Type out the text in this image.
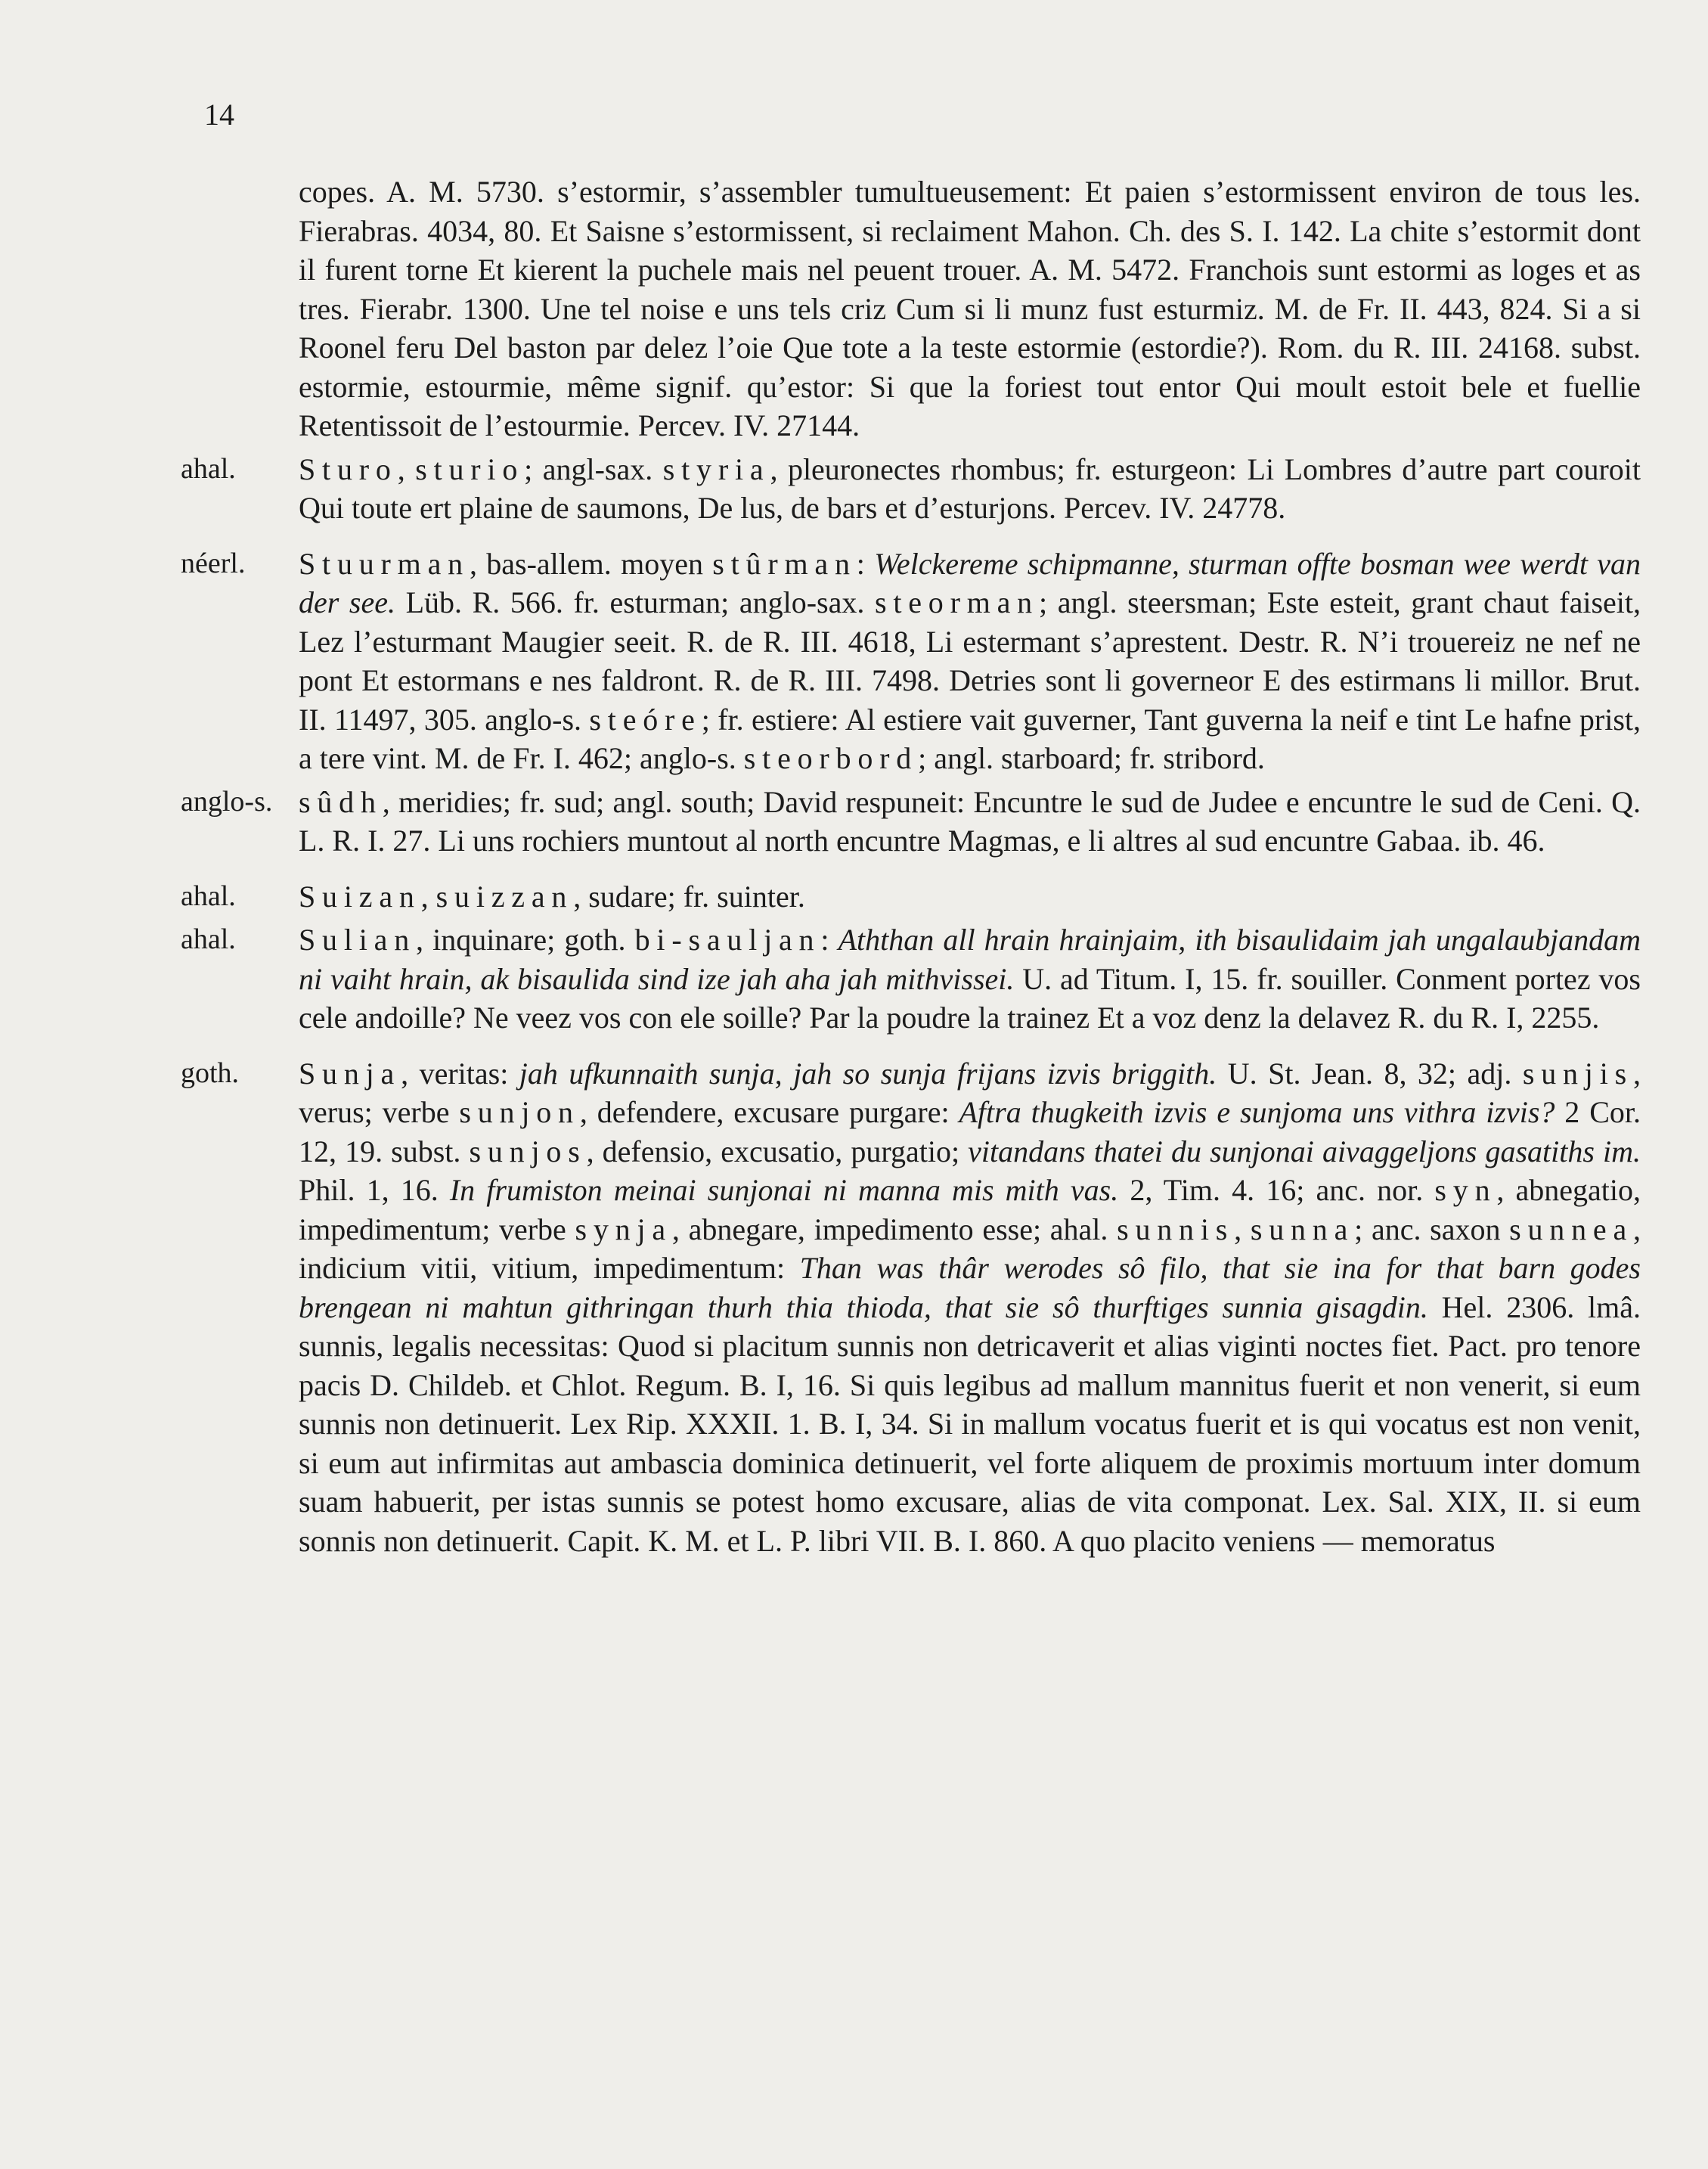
14
copes. A. M. 5730. s’estormir, s’assembler tumultueusement: Et paien s’estormissent environ de tous les. Fierabras. 4034, 80. Et Saisne s’estormissent, si reclaiment Mahon. Ch. des S. I. 142. La chite s’estormit dont il furent torne Et kierent la puchele mais nel peuent trouer. A. M. 5472. Franchois sunt estormi as loges et as tres. Fierabr. 1300. Une tel noise e uns tels criz Cum si li munz fust esturmiz. M. de Fr. II. 443, 824. Si a si Roonel feru Del baston par delez l’oie Que tote a la teste estormie (estordie?). Rom. du R. III. 24168. subst. estormie, estourmie, même signif. qu’estor: Si que la foriest tout entor Qui moult estoit bele et fuellie Retentissoit de l’estourmie. Percev. IV. 27144.
ahal.	Sturo, sturio; angl-sax. styria, pleuronectes rhombus; fr. esturgeon: Li Lombres d’autre part couroit Qui toute ert plaine de saumons, De lus, de bars et d’esturjons. Percev. IV. 24778.
néerl.	Stuurman, bas-allem. moyen stûrman: Welckereme schipmanne, sturman offte bosman wee werdt van der see. Lüb. R. 566. fr. esturman; anglo-sax. steorman; angl. steersman; Este esteit, grant chaut faiseit, Lez l’esturmant Maugier seeit. R. de R. III. 4618, Li estermant s’aprestent. Destr. R. N’i trouereiz ne nef ne pont Et estormans e nes faldront. R. de R. III. 7498. Detries sont li governeor E des estirmans li millor. Brut. II. 11497, 305. anglo-s. steóre; fr. estiere: Al estiere vait guverner, Tant guverna la neif e tint Le hafne prist, a tere vint. M. de Fr. I. 462; anglo-s. steorbord; angl. starboard; fr. stribord.
anglo-s. sûdh, meridies; fr. sud; angl. south; David respuneit: Encuntre le sud de Judee e encuntre le sud de Ceni. Q. L. R. I. 27. Li uns rochiers muntout al north encuntre Magmas, e li altres al sud encuntre Gabaa. ib. 46.
ahal.	Suizan, suizzan, sudare; fr. suinter.
ahal.	Sulian, inquinare; goth. bi-sauljan: Aththan all hrain hrainjaim, ith bisaulidaim jah ungalaubjandam ni vaiht hrain, ak bisaulida sind ize jah aha jah mithvissei. U. ad Titum. I, 15. fr. souiller. Conment portez vos cele andoille? Ne veez vos con ele soille? Par la poudre la trainez Et a voz denz la delavez R. du R. I, 2255.
goth.	Sunja, veritas: jah ufkunnaith sunja, jah so sunja frijans izvis briggith. U. St. Jean. 8, 32; adj. sunjis, verus; verbe sunjon, defendere, excusare purgare: Aftra thugkeith izvis e sunjoma uns vithra izvis? 2 Cor. 12, 19. subst. sunjos, defensio, excusatio, purgatio; vitandans thatei du sunjonai aivaggeljons gasatiths im. Phil. 1, 16. In frumiston meinai sunjonai ni manna mis mith vas. 2, Tim. 4. 16; anc. nor. syn, abnegatio, impedimentum; verbe synja, abnegare, impedimento esse; ahal. sunnis, sunna; anc. saxon sunnea, indicium vitii, vitium, impedimentum: Than was thâr werodes sô filo, that sie ina for that barn godes brengean ni mahtun githringan thurh thia thioda, that sie sô thurftiges sunnia gisagdin. Hel. 2306. lmâ. sunnis, legalis necessitas: Quod si placitum sunnis non detricaverit et alias viginti noctes fiet. Pact. pro tenore pacis D. Childeb. et Chlot. Regum. B. I, 16. Si quis legibus ad mallum mannitus fuerit et non venerit, si eum sunnis non detinuerit. Lex Rip. XXXII. 1. B. I, 34. Si in mallum vocatus fuerit et is qui vocatus est non venit, si eum aut infirmitas aut ambascia dominica detinuerit, vel forte aliquem de proximis mortuum inter domum suam habuerit, per istas sunnis se potest homo excusare, alias de vita componat. Lex. Sal. XIX, II. si eum sonnis non detinuerit. Capit. K. M. et L. P. libri VII. B. I. 860. A quo placito veniens — memoratus
